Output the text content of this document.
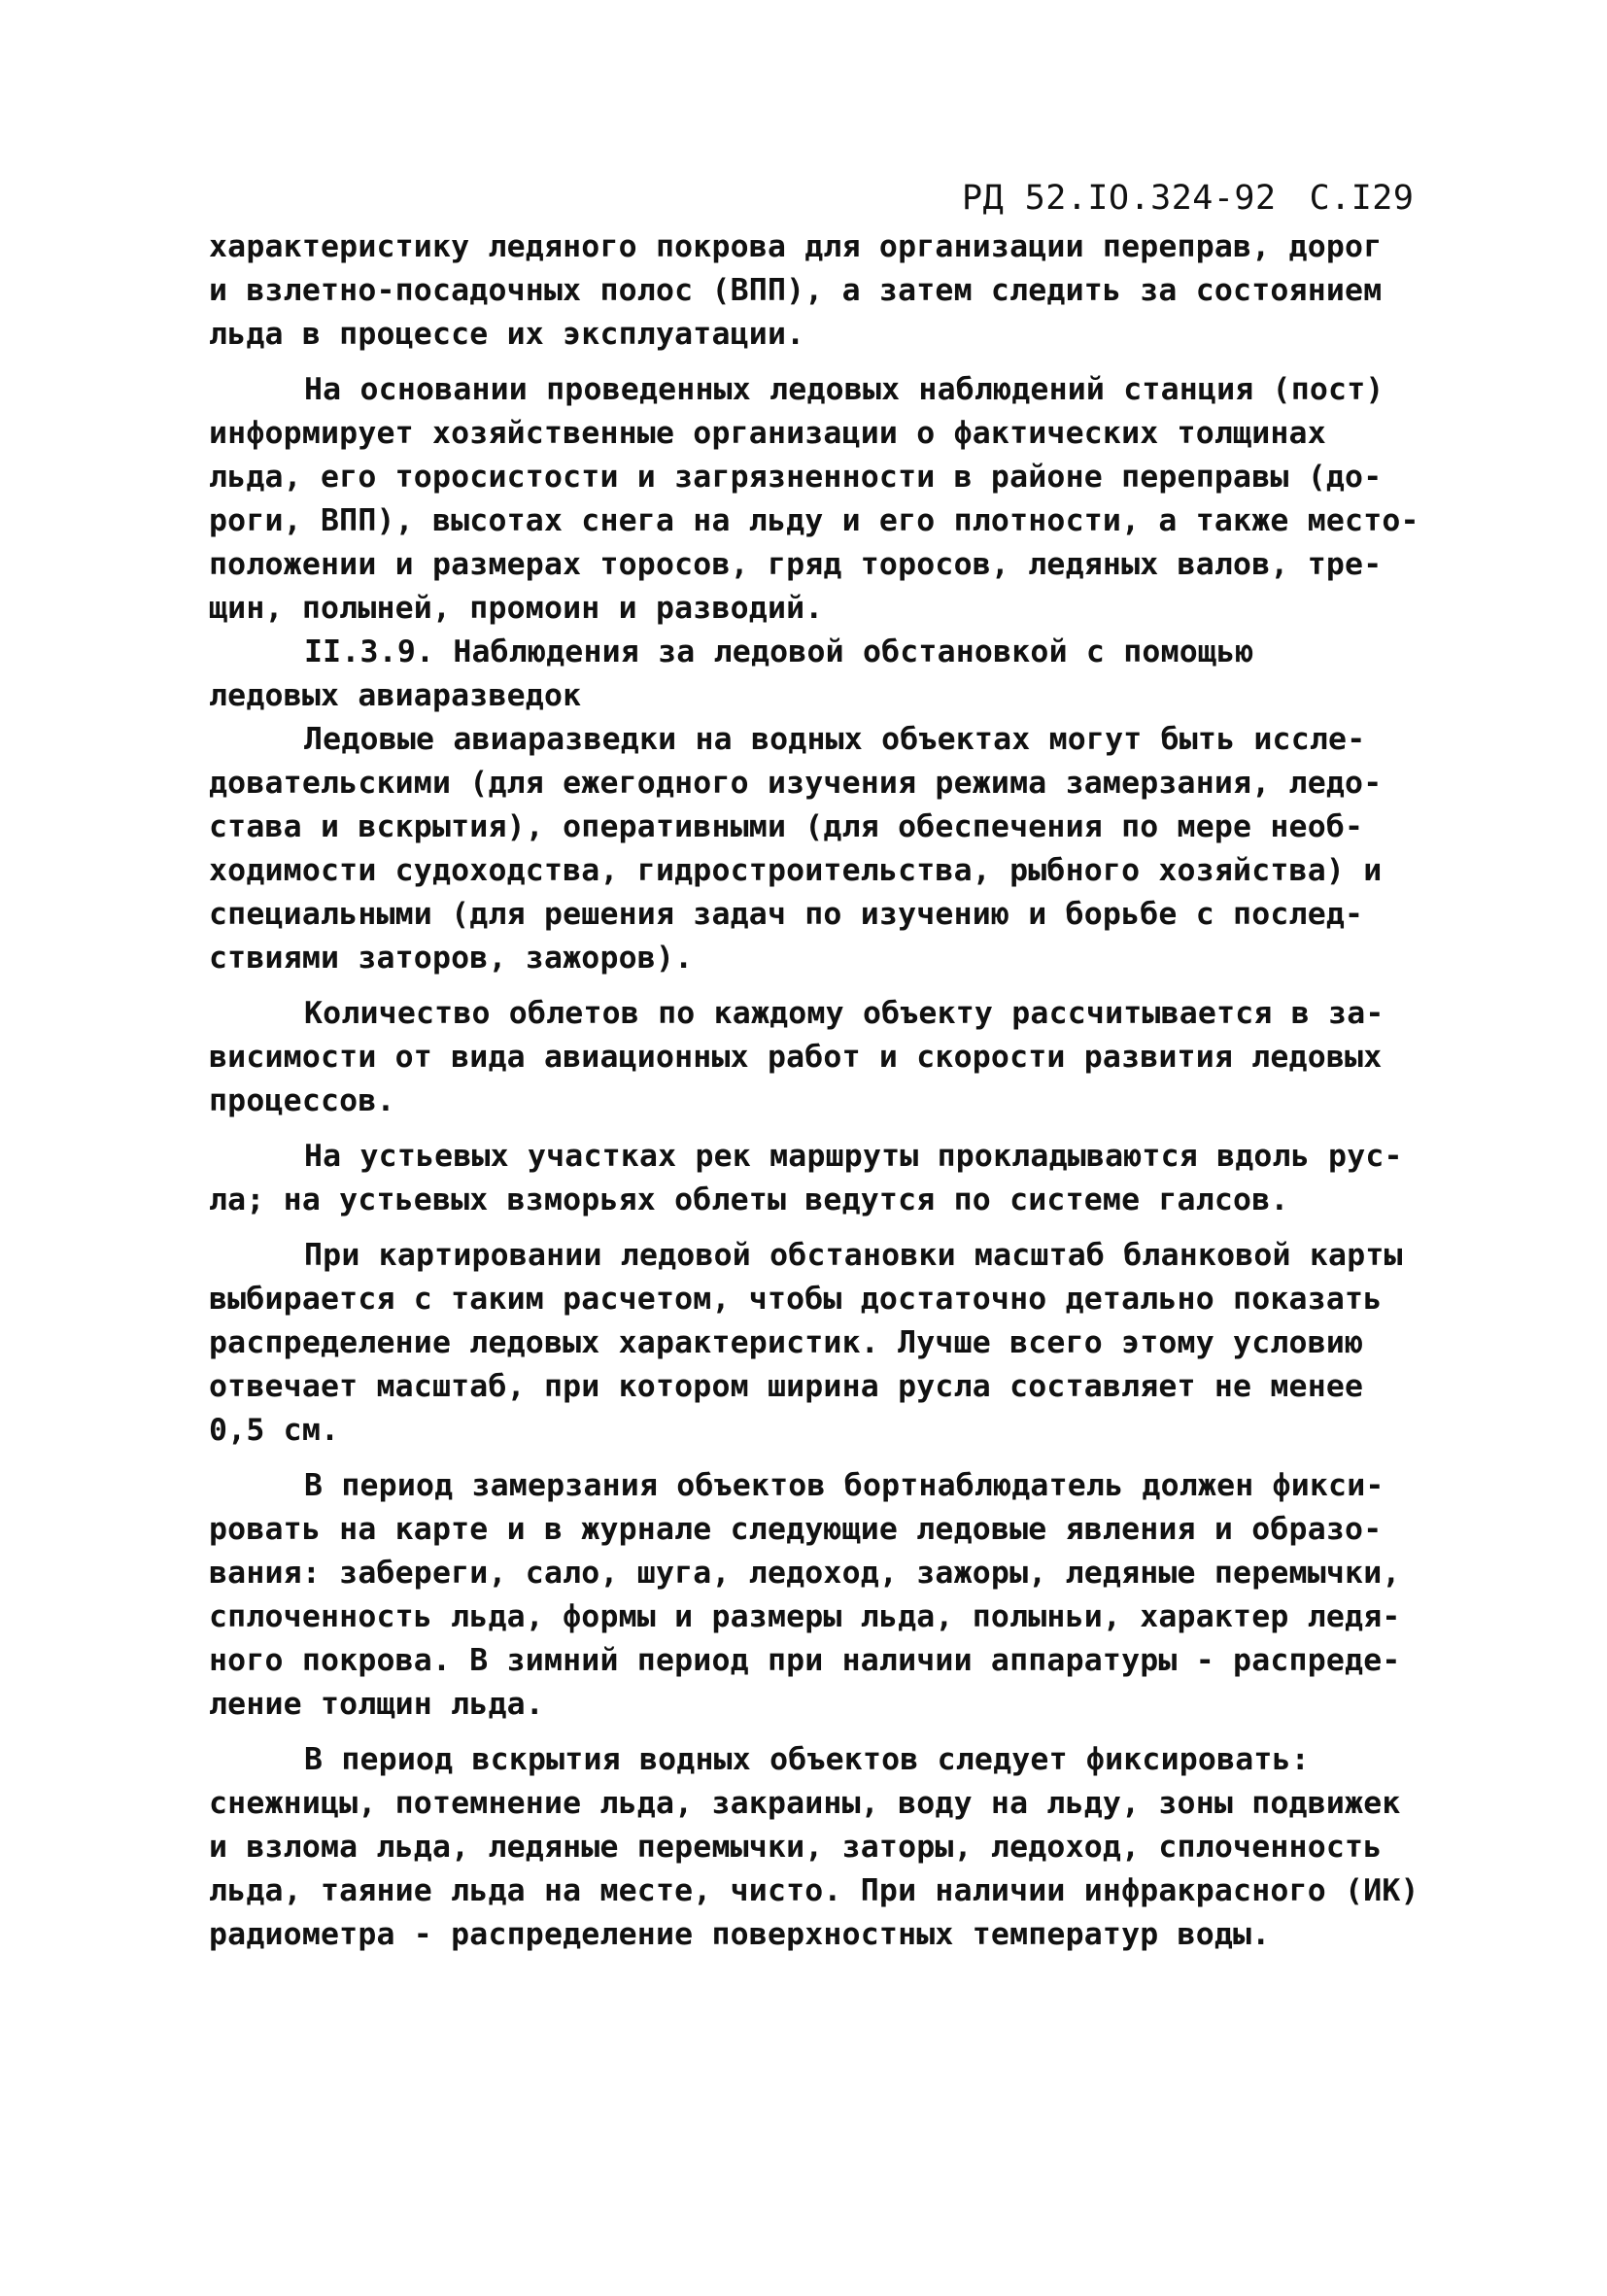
РД 52.IO.324-92 С.I29
характеристику ледяного покрова для организации переправ, дорог
и взлетно-посадочных полос (ВПП), а затем следить за состоянием
льда в процессе их эксплуатации.
На основании проведенных ледовых наблюдений станция (пост)
информирует хозяйственные организации о фактических толщинах
льда, его торосистости и загрязненности в районе переправы (до-
роги, ВПП), высотах снега на льду и его плотности, а также место-
положении и размерах торосов, гряд торосов, ледяных валов, тре-
щин, полыней, промоин и разводий.
II.3.9. Наблюдения за ледовой обстановкой с помощью
ледовых авиаразведок
Ледовые авиаразведки на водных объектах могут быть иссле-
довательскими (для ежегодного изучения режима замерзания, ледо-
става и вскрытия), оперативными (для обеспечения по мере необ-
ходимости судоходства, гидростроительства, рыбного хозяйства) и
специальными (для решения задач по изучению и борьбе с послед-
ствиями заторов, зажоров).
Количество облетов по каждому объекту рассчитывается в за-
висимости от вида авиационных работ и скорости развития ледовых
процессов.
На устьевых участках рек маршруты прокладываются вдоль рус-
ла; на устьевых взморьях облеты ведутся по системе галсов.
При картировании ледовой обстановки масштаб бланковой карты
выбирается с таким расчетом, чтобы достаточно детально показать
распределение ледовых характеристик. Лучше всего этому условию
отвечает масштаб, при котором ширина русла составляет не менее
0,5 см.
В период замерзания объектов бортнаблюдатель должен фикси-
ровать на карте и в журнале следующие ледовые явления и образо-
вания: забереги, сало, шуга, ледоход, зажоры, ледяные перемычки,
сплоченность льда, формы и размеры льда, полыньи, характер ледя-
ного покрова. В зимний период при наличии аппаратуры - распреде-
ление толщин льда.
В период вскрытия водных объектов следует фиксировать:
снежницы, потемнение льда, закраины, воду на льду, зоны подвижек
и взлома льда, ледяные перемычки, заторы, ледоход, сплоченность
льда, таяние льда на месте, чисто. При наличии инфракрасного (ИК)
радиометра - распределение поверхностных температур воды.
